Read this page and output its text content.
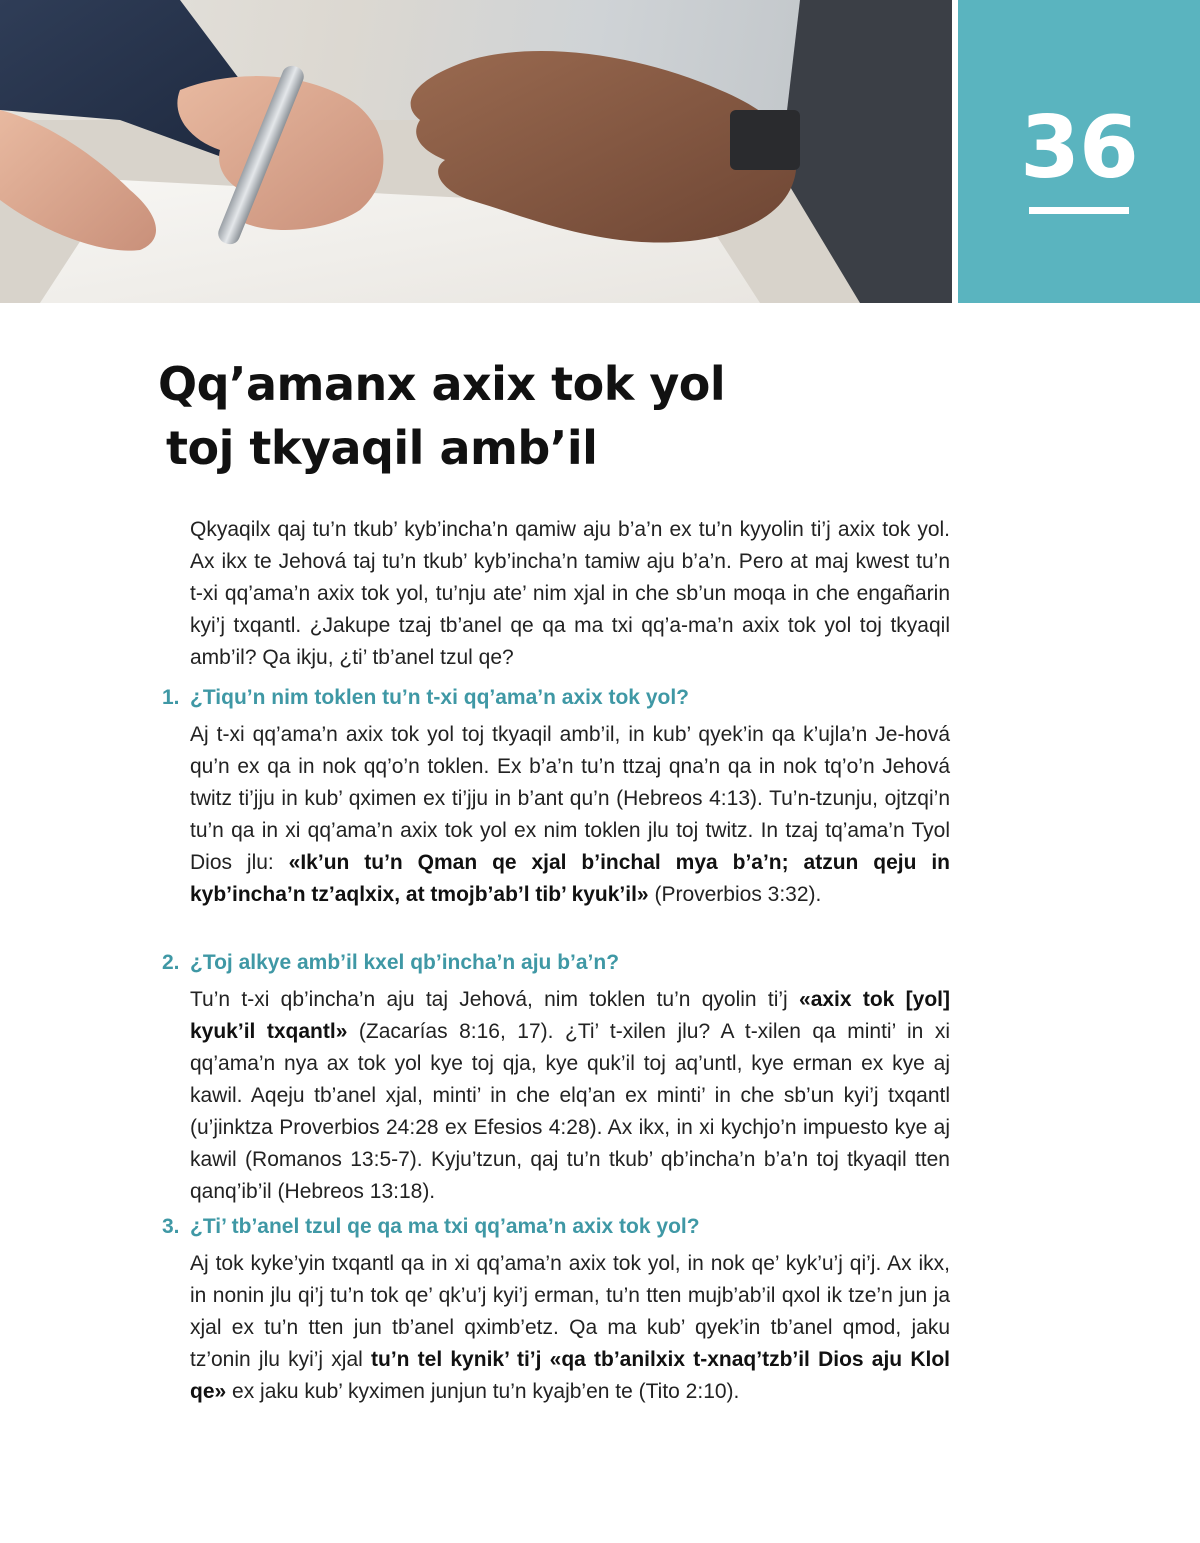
36
Qq’amanx axix tok yol
toj tkyaqil amb’il

Qkyaqilx qaj tu’n tkub’ kyb’incha’n qamiw aju b’a’n ex tu’n kyyolin ti’j axix tok yol. Ax ikx te Jehová taj tu’n tkub’ kyb’incha’n tamiw aju b’a’n. Pero at maj kwest tu’n t-xi qq’ama’n axix tok yol, tu’nju ate’ nim xjal in che sb’un moqa in che engañarin kyi’j txqantl. ¿Jakupe tzaj tb’anel qe qa ma txi qq’a-ma’n axix tok yol toj tkyaqil amb’il? Qa ikju, ¿ti’ tb’anel tzul qe?

1. ¿Tiqu’n nim toklen tu’n t-xi qq’ama’n axix tok yol?

Aj t-xi qq’ama’n axix tok yol toj tkyaqil amb’il, in kub’ qyek’in qa k’ujla’n Je-hová qu’n ex qa in nok qq’o’n toklen. Ex b’a’n tu’n ttzaj qna’n qa in nok tq’o’n Jehová twitz ti’jju in kub’ qximen ex ti’jju in b’ant qu’n (Hebreos 4:13). Tu’n-tzunju, ojtzqi’n tu’n qa in xi qq’ama’n axix tok yol ex nim toklen jlu toj twitz. In tzaj tq’ama’n Tyol Dios jlu: «Ik’un tu’n Qman qe xjal b’inchal mya b’a’n; atzun qeju in kyb’incha’n tz’aqlxix, at tmojb’ab’l tib’ kyuk’il» (Proverbios 3:32).

2. ¿Toj alkye amb’il kxel qb’incha’n aju b’a’n?

Tu’n t-xi qb’incha’n aju taj Jehová, nim toklen tu’n qyolin ti’j «axix tok [yol] kyuk’il txqantl» (Zacarías 8:16, 17). ¿Ti’ t-xilen jlu? A t-xilen qa minti’ in xi qq’ama’n nya ax tok yol kye toj qja, kye quk’il toj aq’untl, kye erman ex kye aj kawil. Aqeju tb’anel xjal, minti’ in che elq’an ex minti’ in che sb’un kyi’j txqantl (u’jinktza Proverbios 24:28 ex Efesios 4:28). Ax ikx, in xi kychjo’n impuesto kye aj kawil (Romanos 13:5-7). Kyju’tzun, qaj tu’n tkub’ qb’incha’n b’a’n toj tkyaqil tten qanq’ib’il (Hebreos 13:18).

3. ¿Ti’ tb’anel tzul qe qa ma txi qq’ama’n axix tok yol?

Aj tok kyke’yin txqantl qa in xi qq’ama’n axix tok yol, in nok qe’ kyk’u’j qi’j. Ax ikx, in nonin jlu qi’j tu’n tok qe’ qk’u’j kyi’j erman, tu’n tten mujb’ab’il qxol ik tze’n jun ja xjal ex tu’n tten jun tb’anel qximb’etz. Qa ma kub’ qyek’in tb’anel qmod, jaku tz’onin jlu kyi’j xjal tu’n tel kynik’ ti’j «qa tb’anilxix t-xnaq’tzb’il Dios aju Klol qe» ex jaku kub’ kyximen junjun tu’n kyajb’en te (Tito 2:10).
